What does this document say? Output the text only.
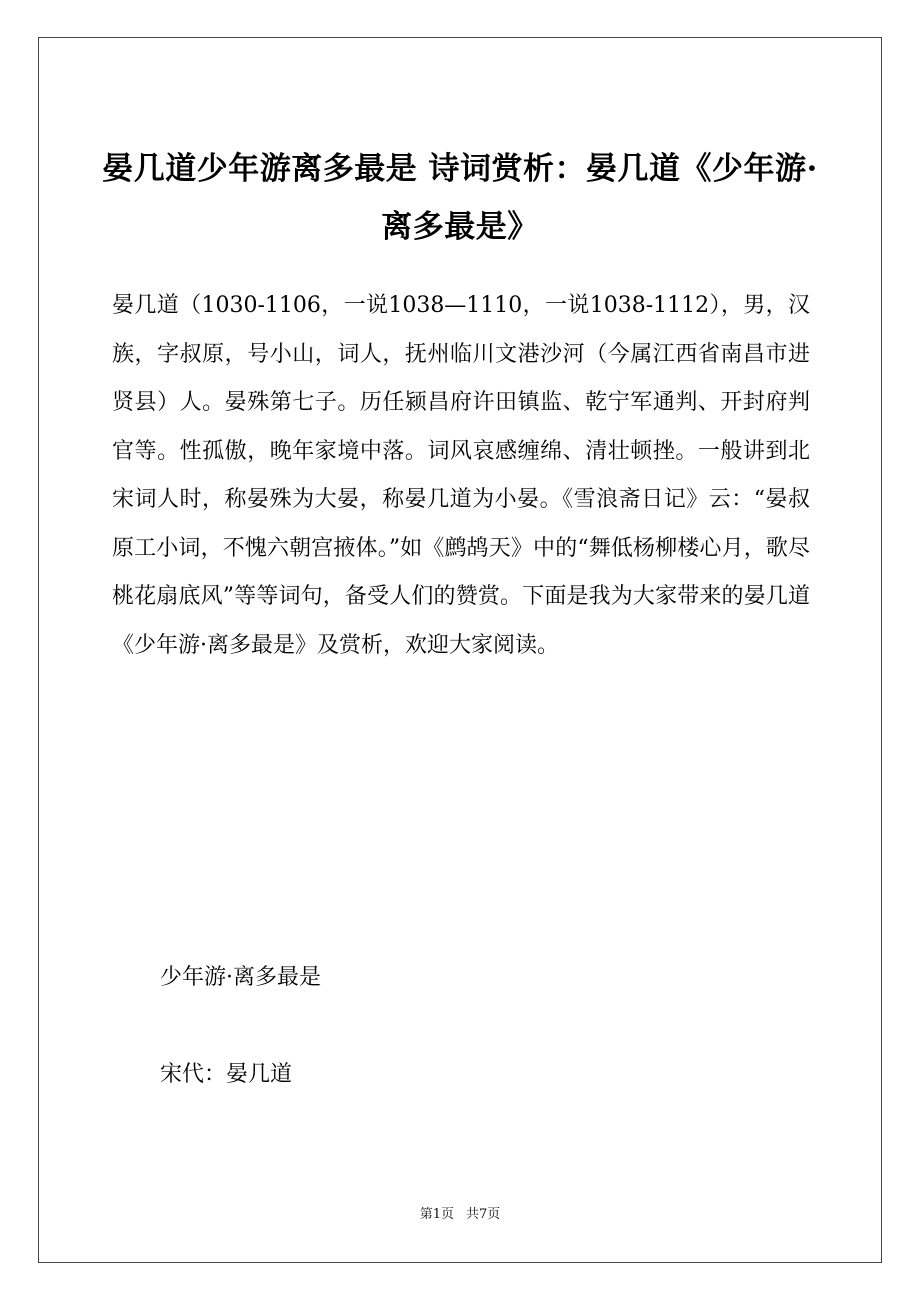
晏几道少年游离多最是 诗词赏析：晏几道《少年游·离多最是》

晏几道（1030-1106，一说1038—1110，一说1038-1112），男，汉族，字叔原，号小山，词人，抚州临川文港沙河（今属江西省南昌市进贤县）人。晏殊第七子。历任颍昌府许田镇监、乾宁军通判、开封府判官等。性孤傲，晚年家境中落。词风哀感缠绵、清壮顿挫。一般讲到北宋词人时，称晏殊为大晏，称晏几道为小晏。《雪浪斋日记》云：“晏叔原工小词，不愧六朝宫掖体。”如《鹧鸪天》中的“舞低杨柳楼心月，歌尽桃花扇底风”等等词句，备受人们的赞赏。下面是我为大家带来的晏几道《少年游·离多最是》及赏析，欢迎大家阅读。

少年游·离多最是

宋代：晏几道

第1页 共7页
